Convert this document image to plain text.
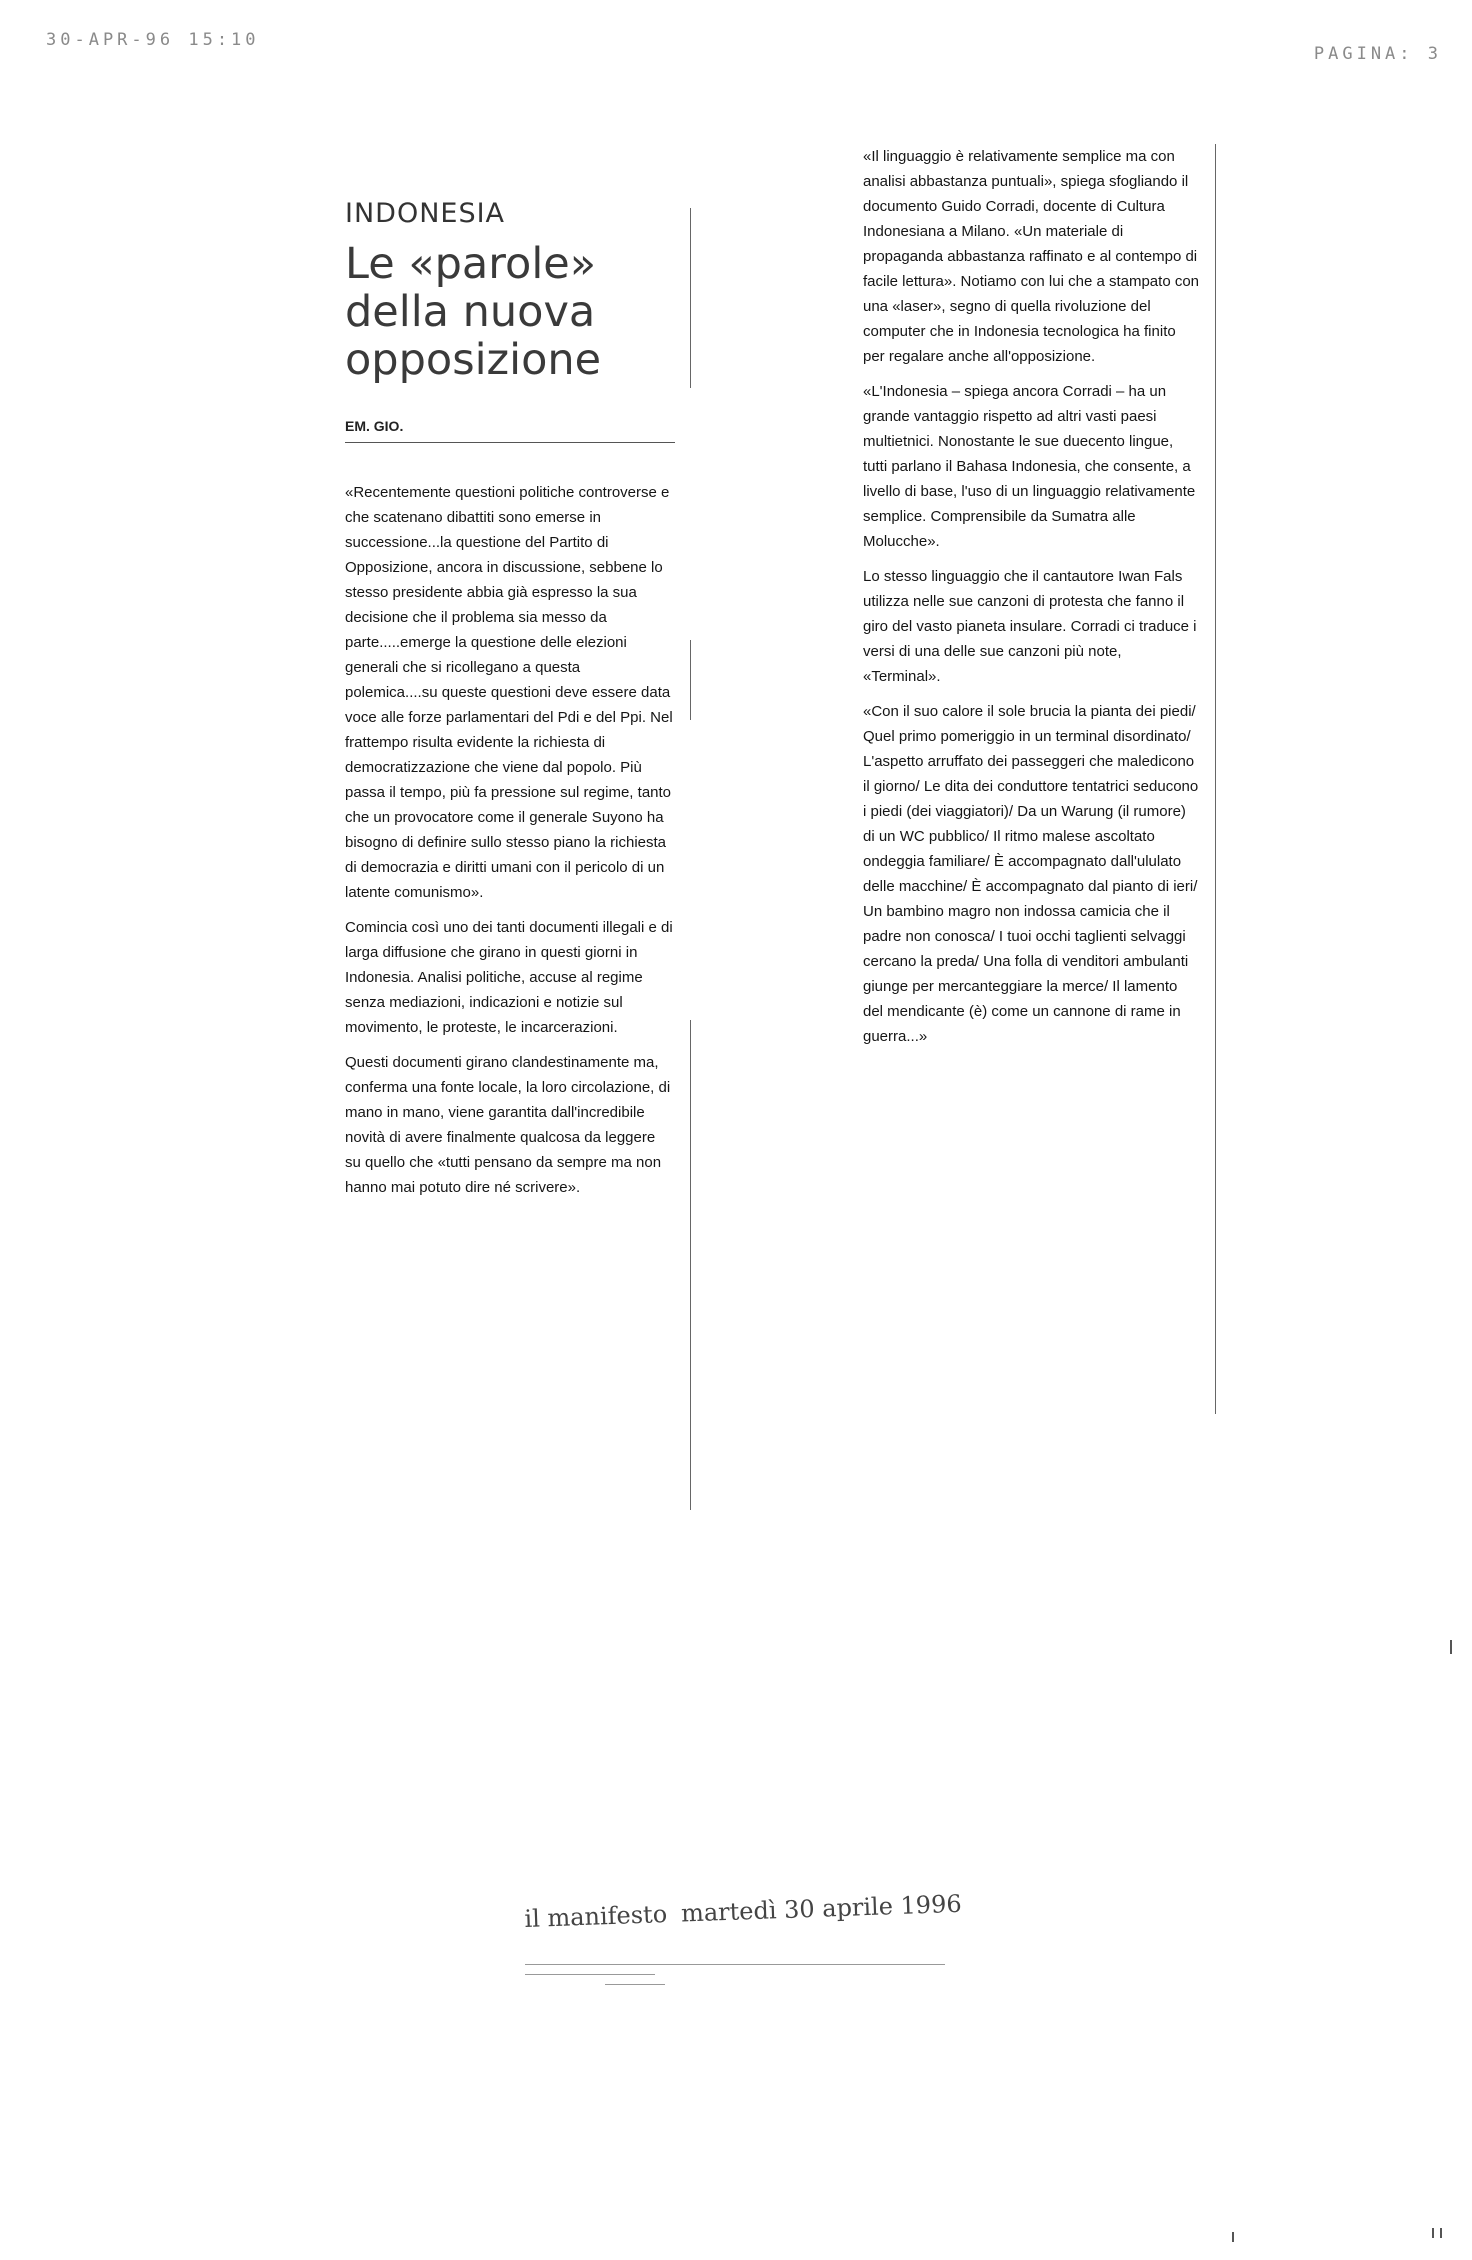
30-APR-96 15:10
PAGINA: 3
INDONESIA
Le «parole» della nuova opposizione
EM. GIO.

«Recentemente questioni politiche controverse e che scatenano dibattiti sono emerse in successione...la questione del Partito di Opposizione, ancora in discussione, sebbene lo stesso presidente abbia già espresso la sua decisione che il problema sia messo da parte.....emerge la questione delle elezioni generali che si ricollegano a questa polemica....su queste questioni deve essere data voce alle forze parlamentari del Pdi e del Ppi. Nel frattempo risulta evidente la richiesta di democratizzazione che viene dal popolo. Più passa il tempo, più fa pressione sul regime, tanto che un provocatore come il generale Suyono ha bisogno di definire sullo stesso piano la richiesta di democrazia e diritti umani con il pericolo di un latente comunismo».

Comincia così uno dei tanti documenti illegali e di larga diffusione che girano in questi giorni in Indonesia. Analisi politiche, accuse al regime senza mediazioni, indicazioni e notizie sul movimento, le proteste, le incarcerazioni.

Questi documenti girano clandestinamente ma, conferma una fonte locale, la loro circolazione, di mano in mano, viene garantita dall'incredibile novità di avere finalmente qualcosa da leggere su quello che «tutti pensano da sempre ma non hanno mai potuto dire né scrivere».

«Il linguaggio è relativamente semplice ma con analisi abbastanza puntuali», spiega sfogliando il documento Guido Corradi, docente di Cultura Indonesiana a Milano. «Un materiale di propaganda abbastanza raffinato e al contempo di facile lettura». Notiamo con lui che a stampato con una «laser», segno di quella rivoluzione del computer che in Indonesia tecnologica ha finito per regalare anche all'opposizione.

«L'Indonesia – spiega ancora Corradi – ha un grande vantaggio rispetto ad altri vasti paesi multietnici. Nonostante le sue duecento lingue, tutti parlano il Bahasa Indonesia, che consente, a livello di base, l'uso di un linguaggio relativamente semplice. Comprensibile da Sumatra alle Molucche».

Lo stesso linguaggio che il cantautore Iwan Fals utilizza nelle sue canzoni di protesta che fanno il giro del vasto pianeta insulare. Corradi ci traduce i versi di una delle sue canzoni più note, «Terminal».

«Con il suo calore il sole brucia la pianta dei piedi/ Quel primo pomeriggio in un terminal disordinato/ L'aspetto arruffato dei passeggeri che maledicono il giorno/ Le dita dei conduttore tentatrici seducono i piedi (dei viaggiatori)/ Da un Warung (il rumore) di un WC pubblico/ Il ritmo malese ascoltato ondeggia familiare/ È accompagnato dall'ululato delle macchine/ È accompagnato dal pianto di ieri/ Un bambino magro non indossa camicia che il padre non conosca/ I tuoi occhi taglienti selvaggi cercano la preda/ Una folla di venditori ambulanti giunge per mercanteggiare la merce/ Il lamento del mendicante (è) come un cannone di rame in guerra...»

il manifesto martedì 30 aprile 1996
